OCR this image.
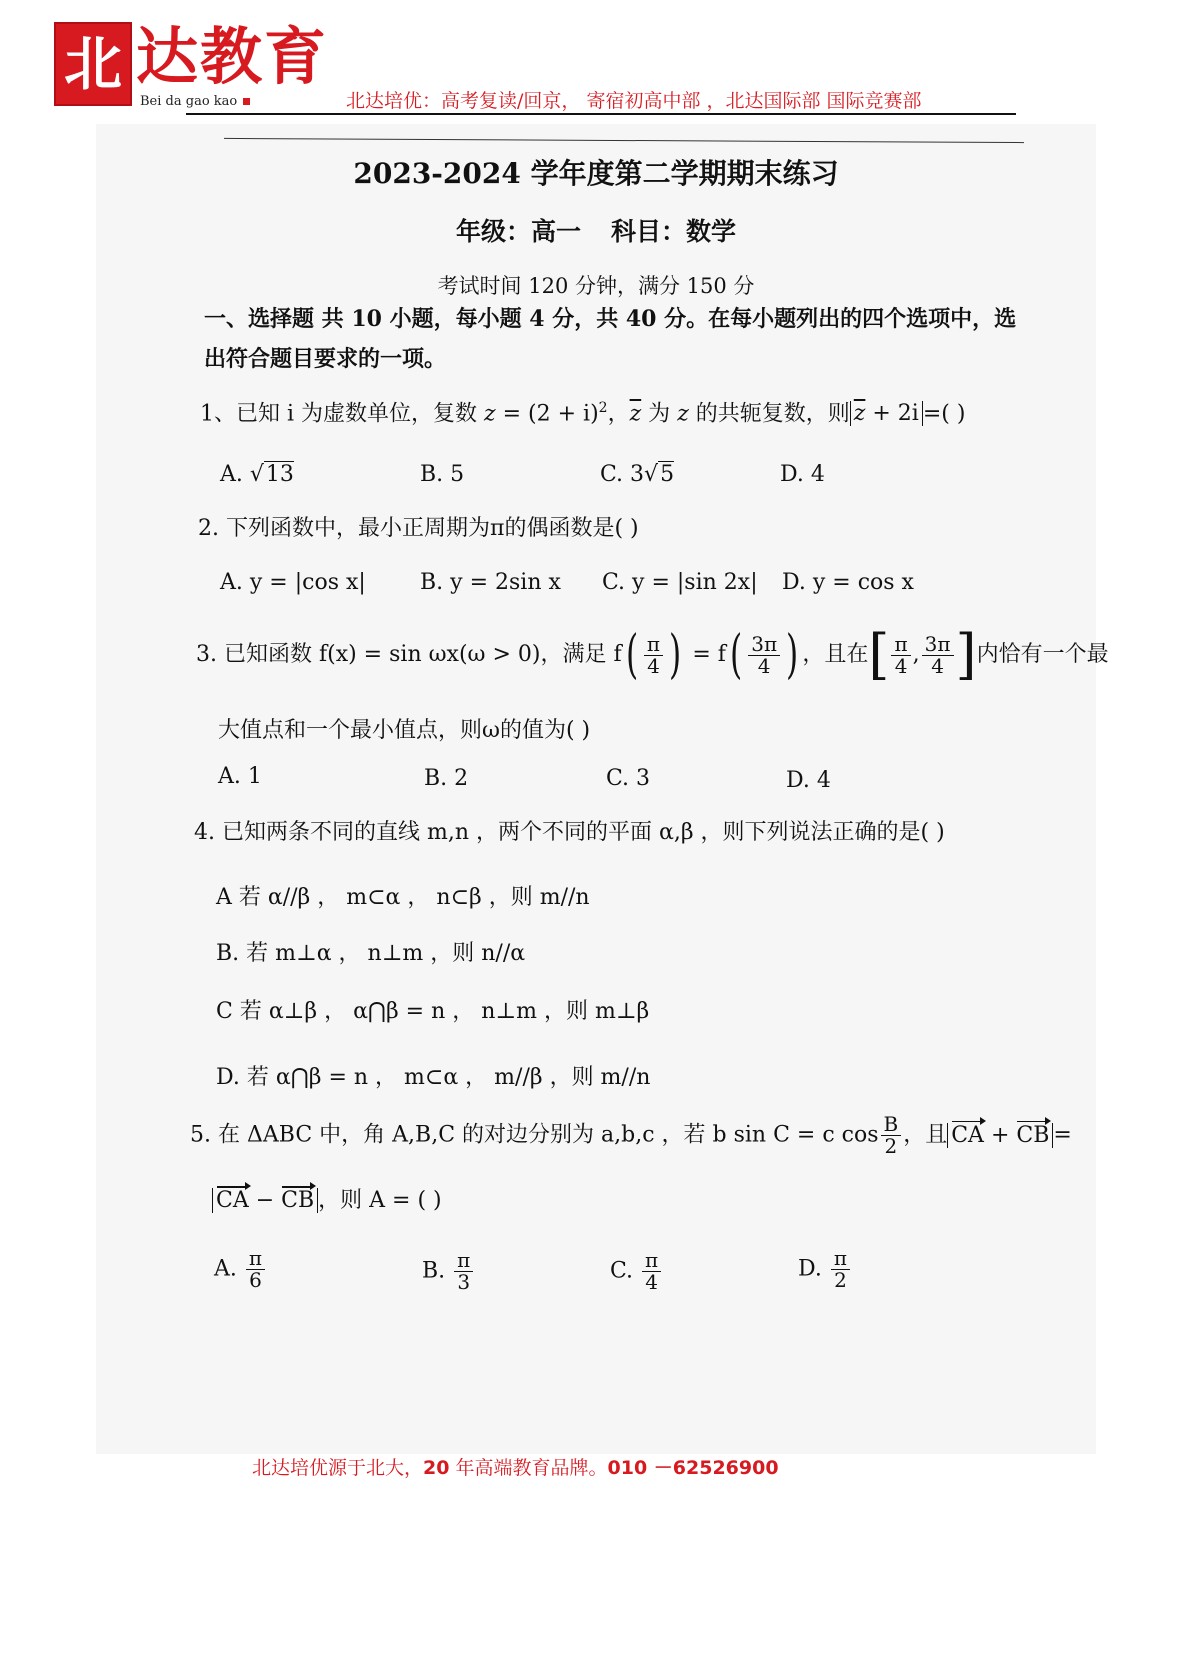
北 达教育
Bei da gao kao	北达培优：高考复读/回京， 寄宿初高中部 ，北达国际部 国际竞赛部
2023-2024 学年度第二学期期末练习
年级：高一 科目：数学
考试时间 120 分钟，满分 150 分
一、选择题 共 10 小题，每小题 4 分，共 40 分。在每小题列出的四个选项中，选
出符合题目要求的一项。
1、已知 i 为虚数单位，复数 $z = (2 + i)^2$，$\overline{z}$ 为 z 的共轭复数，则 $\overline{z} + 2i$ =( )
A. √13	B. 5	C. 3√5	D. 4
2. 下列函数中，最小正周期为π的偶函数是( )
A. y = |cos x| B. y = 2sin x C. y = |sin 2x| D. y = cos x
3. 已知函数 f(x) = sin ωx(ω > 0)，满足 $f( \frac{\pi}{4}$ ) = $f( \frac{3\pi}{4}$ ) ，且在[ $\frac{\pi}{4}$ , $\frac{3\pi}{4}$ ]内恰有一个最
大值点和一个最小值点，则ω的值为( )
A. 1	B. 2	C. 3	D. 4
4. 已知两条不同的直线 m,n ，两个不同的平面 α,β ，则下列说法正确的是( )
A 若 α//β ， m⊂α ， n⊂β ，则 m//n
B. 若 m⊥α ， n⊥m ，则 n//α
C 若 α⊥β ， α⋂β = n ， n⊥m ，则 m⊥β
D. 若 α⋂β = n ， m⊂α ， m//β ，则 m//n
5. 在 ΔABC 中，角 A,B,C 的对边分别为 a,b,c ，若 b sin C = c $\cos \frac{B}{2}$ ，且 CA + CB =
CA − CB ，则 A = ( )
A. $\frac{\pi}{6}$	B. $\frac{\pi}{3}$	C. $\frac{\pi}{4}$	D. $\frac{\pi}{2}$
北达培优源于北大，20 年高端教育品牌。010 －62526900
